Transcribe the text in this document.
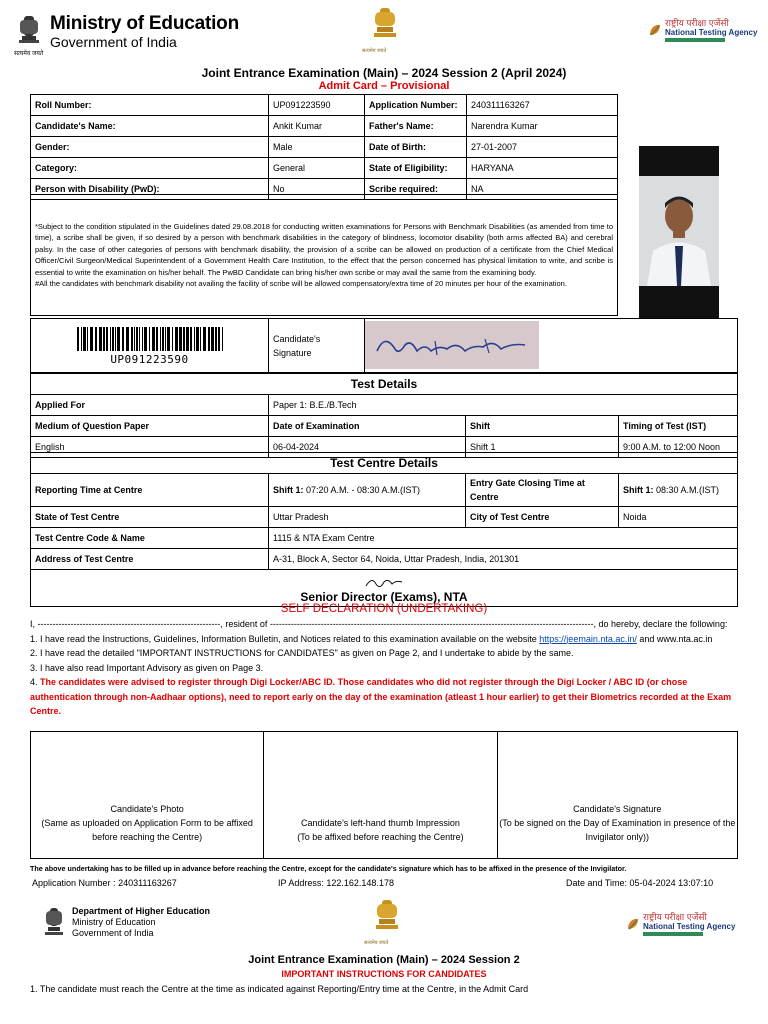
Ministry of Education
Government of India
सत्यमेव जयते	सत्यमेव जयते
राष्ट्रीय परीक्षा एजेंसी
National Testing Agency
Joint Entrance Examination (Main) – 2024 Session 2 (April 2024)
Admit Card – Provisional
Roll Number:	UP091223590	Application Number:	240311163267
Candidate's Name:	Ankit Kumar	Father's Name:	Narendra Kumar
Gender:	Male	Date of Birth:	27-01-2007
Category:	General	State of Eligibility:	HARYANA
Person with Disability (PwD):	No	Scribe required:	NA
*Subject to the condition stipulated in the Guidelines dated 29.08.2018 for conducting written examinations for Persons with Benchmark Disabilities (as amended from time to time), a scribe shall be given, if so desired by a person with benchmark disabilities in the category of blindness, locomotor disability (both arms affected BA) and cerebral palsy. In the case of other categories of persons with benchmark disability, the provision of a scribe can be allowed on production of a certificate from the Chief Medical Officer/Civil Surgeon/Medical Superintendent of a Government Health Care Institution, to the effect that the person concerned has physical limitation to write, and scribe is essential to write the examination on his/her behalf. The PwBD Candidate can bring his/her own scribe or may avail the same from the examining body.
#All the candidates with benchmark disability not availing the facility of scribe will be allowed compensatory/extra time of 20 minutes per hour of the examination.
UP091223590
	Candidate's Signature	
Test Details			
Applied For	Paper 1: B.E./B.Tech		
Medium of Question Paper	Date of Examination	Shift	Timing of Test (IST)
English	06-04-2024	Shift 1	9:00 A.M. to 12:00 Noon
Test Centre Details			
Reporting Time at Centre	Shift 1: 07:20 A.M. - 08:30 A.M.(IST)	Entry Gate Closing Time at Centre	Shift 1: 08:30 A.M.(IST)
State of Test Centre	Uttar Pradesh	City of Test Centre	Noida
Test Centre Code & Name	1115 & NTA Exam Centre		
Address of Test Centre	A-31, Block A, Sector 64, Noida, Uttar Pradesh, India, 201301		

Senior Director (Exams), NTA			
SELF DECLARATION (UNDERTAKING)
I, -------------------------------------------------------------, resident of ------------------------------------------------------------------------------------------------------------, do hereby, declare the following:
1. I have read the Instructions, Guidelines, Information Bulletin, and Notices related to this examination available on the website https://jeemain.nta.ac.in/ and www.nta.ac.in
2. I have read the detailed "IMPORTANT INSTRUCTIONS for CANDIDATES" as given on Page 2, and I undertake to abide by the same.
3. I have also read Important Advisory as given on Page 3.
4. The candidates were advised to register through Digi Locker/ABC ID. Those candidates who did not register through the Digi Locker / ABC ID (or chose authentication through non-Aadhaar options), need to report early on the day of the examination (atleast 1 hour earlier) to get their Biometrics recorded at the Exam Centre.
Candidate's Photo
(Same as uploaded on Application Form to be affixed before reaching the Centre)

Candidate's left-hand thumb Impression
(To be affixed before reaching the Centre)

Candidate's Signature
(To be signed on the Day of Examination in presence of the Invigilator only))
The above undertaking has to be filled up in advance before reaching the Centre, except for the candidate's signature which has to be affixed in the presence of the Invigilator.
Application Number : 240311163267	IP Address: 122.162.148.178	Date and Time: 05-04-2024 13:07:10
Department of Higher Education
Ministry of Education
Government of India
सत्यमेव जयते
राष्ट्रीय परीक्षा एजेंसी
National Testing Agency
Joint Entrance Examination (Main) – 2024 Session 2
IMPORTANT INSTRUCTIONS FOR CANDIDATES
1. The candidate must reach the Centre at the time as indicated against Reporting/Entry time at the Centre, in the Admit Card
